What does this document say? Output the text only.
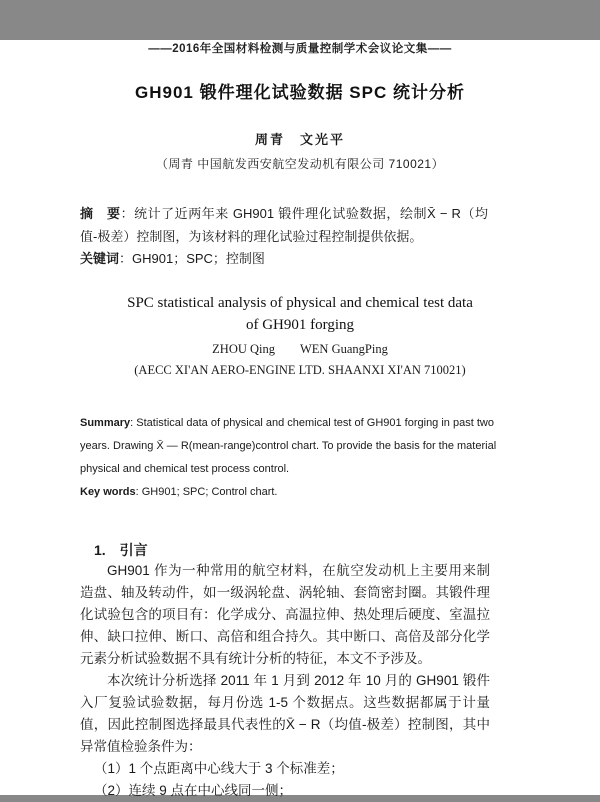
——2016年全国材料检测与质量控制学术会议论文集——
GH901 锻件理化试验数据 SPC 统计分析
周青　文光平
（周青 中国航发西安航空发动机有限公司 710021）

摘　要：统计了近两年来 GH901 锻件理化试验数据，绘制X̄ − R（均值-极差）控制图，为该材料的理化试验过程控制提供依据。

关键词：GH901；SPC；控制图

SPC statistical analysis of physical and chemical test data
of GH901 forging
ZHOU Qing　　WEN GuangPing
(AECC XI'AN AERO-ENGINE LTD. SHAANXI XI'AN 710021)

Summary: Statistical data of physical and chemical test of GH901 forging in past two years. Drawing X̄ — R(mean-range)control chart. To provide the basis for the material physical and chemical test process control.

Key words: GH901; SPC; Control chart.

1.　引言

GH901 作为一种常用的航空材料，在航空发动机上主要用来制造盘、轴及转动件，如一级涡轮盘、涡轮轴、套筒密封圈。其锻件理化试验包含的项目有：化学成分、高温拉伸、热处理后硬度、室温拉伸、缺口拉伸、断口、高倍和组合持久。其中断口、高倍及部分化学元素分析试验数据不具有统计分析的特征，本文不予涉及。

本次统计分析选择 2011 年 1 月到 2012 年 10 月的 GH901 锻件入厂复验试验数据，每月份选 1-5 个数据点。这些数据都属于计量值，因此控制图选择最具代表性的X̄ − R（均值-极差）控制图，其中异常值检验条件为：

（1）1 个点距离中心线大于 3 个标准差；
（2）连续 9 点在中心线同一侧；
